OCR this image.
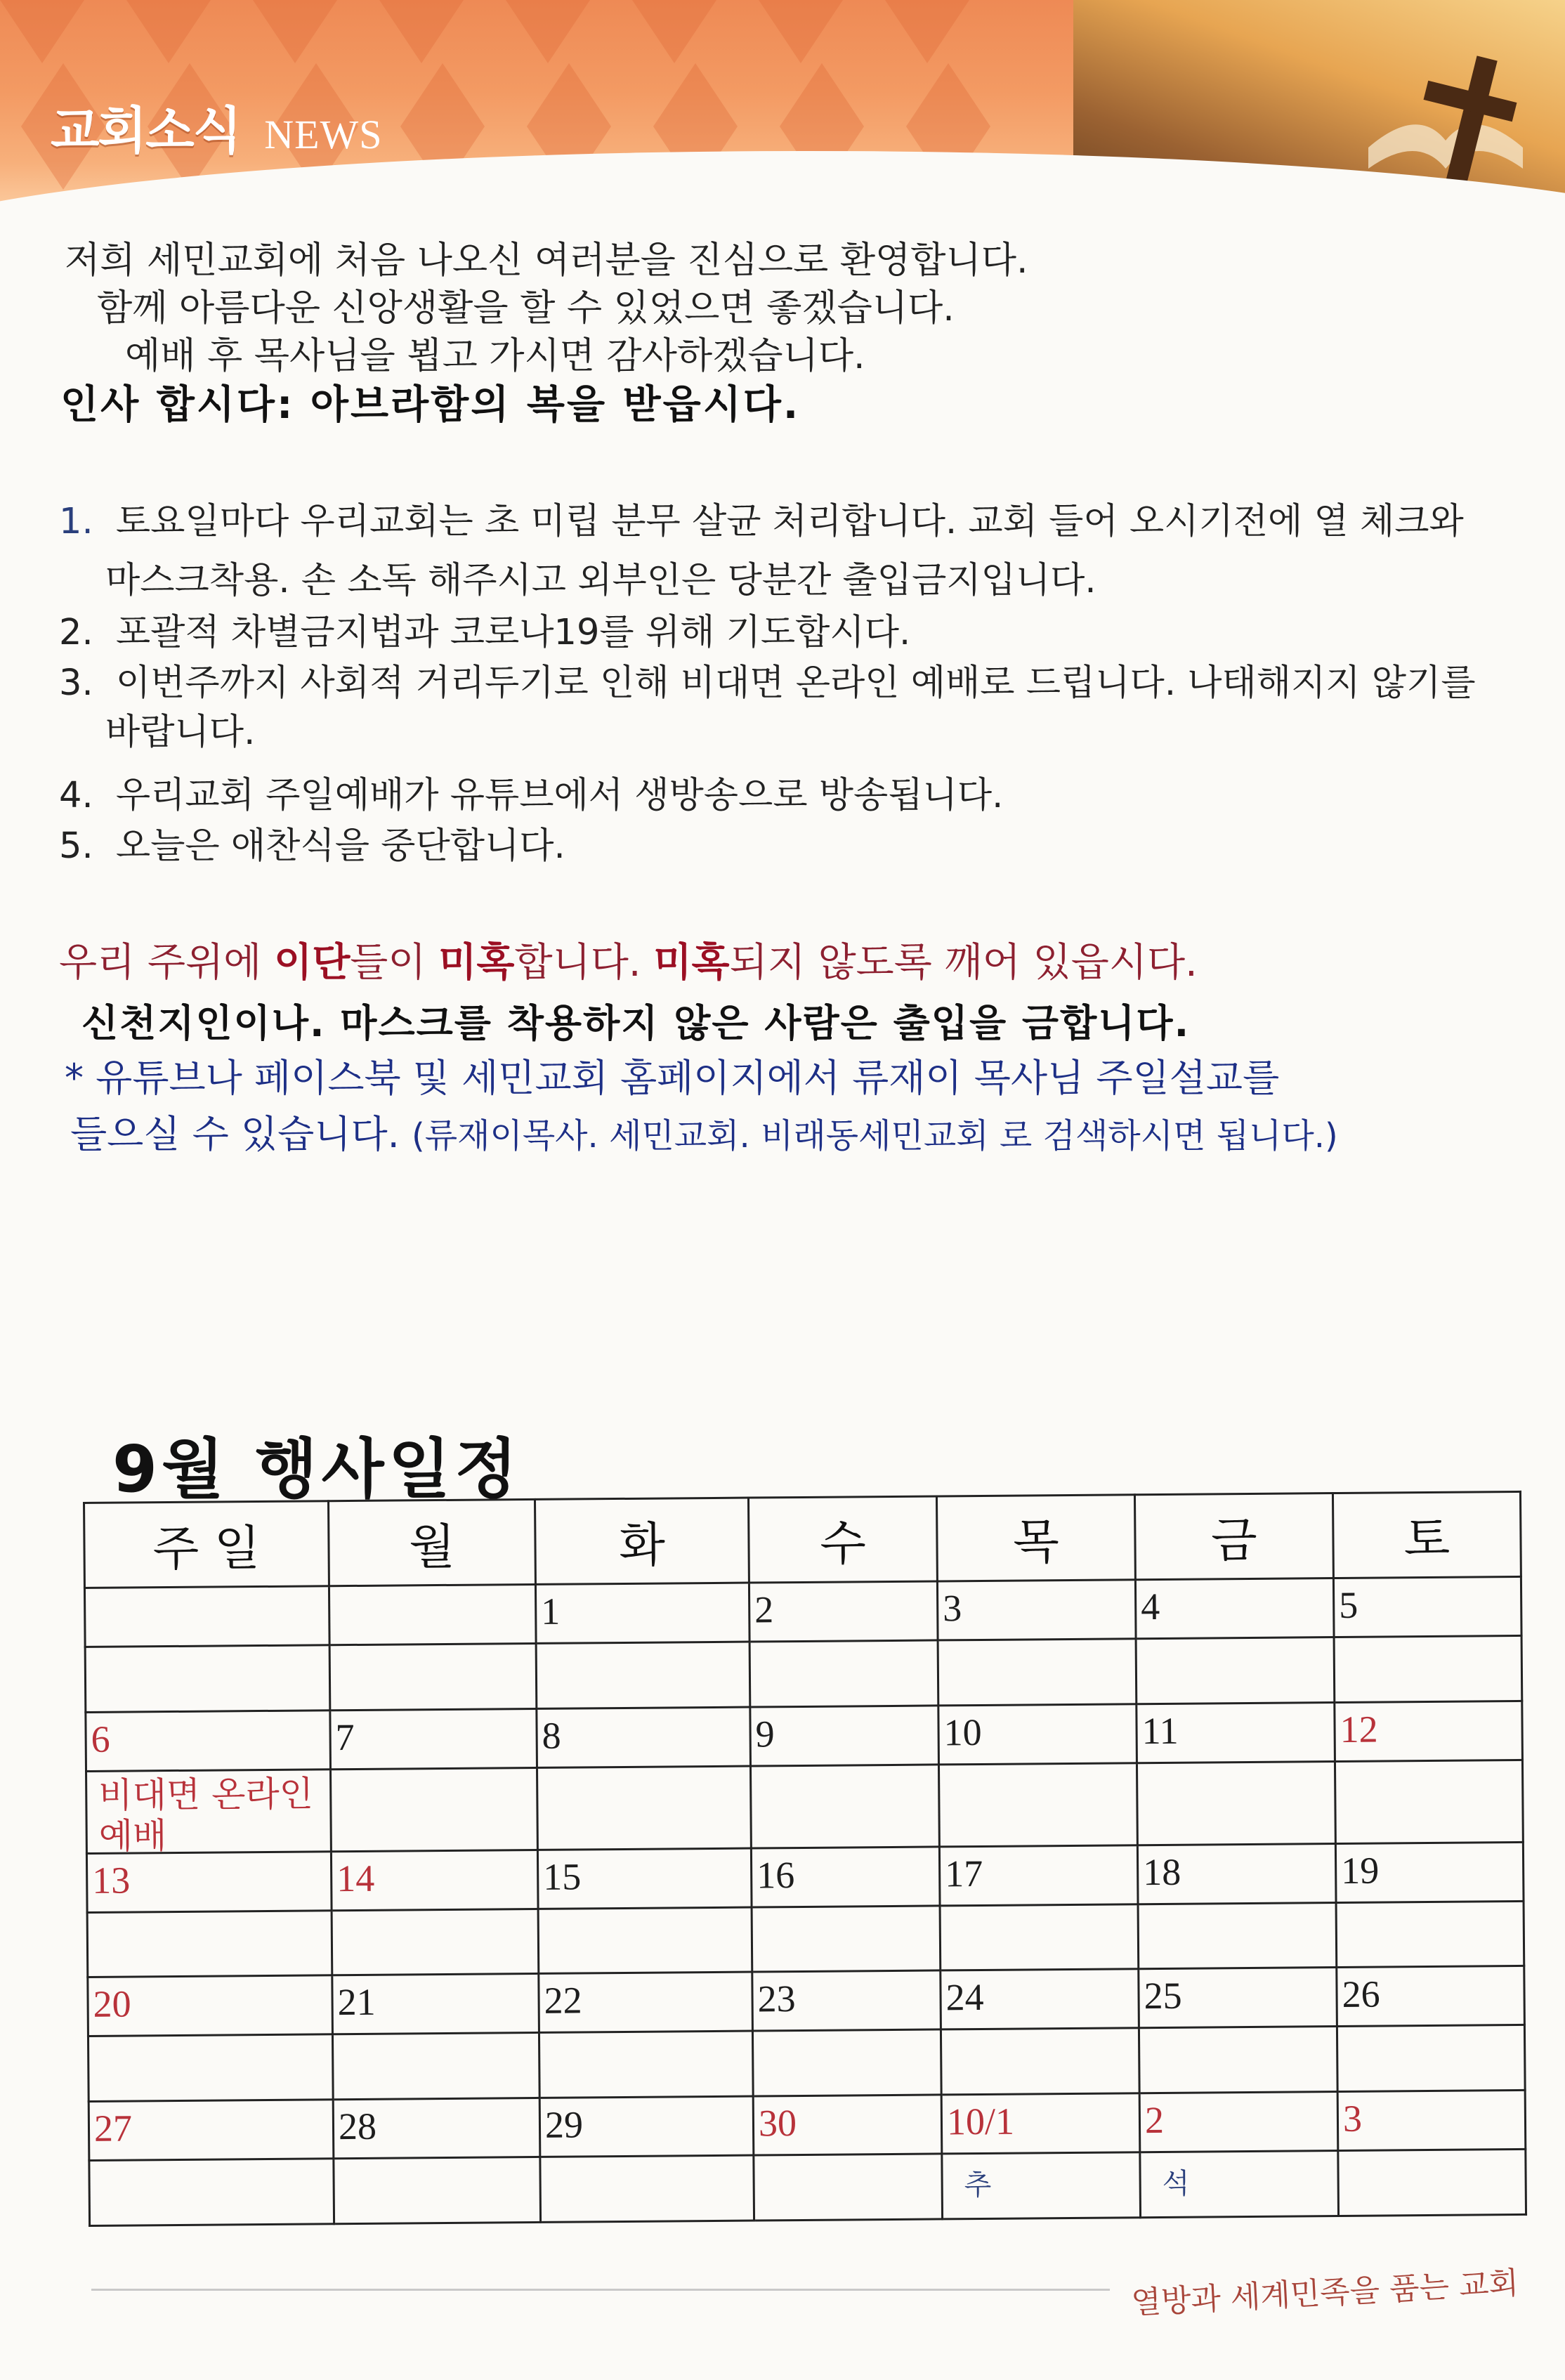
교회소식 NEWS
저희 세민교회에 처음 나오신 여러분을 진심으로 환영합니다.
함께 아름다운 신앙생활을 할 수 있었으면 좋겠습니다.
예배 후 목사님을 뵙고 가시면 감사하겠습니다.
인사 합시다: 아브라함의 복을 받읍시다.
1. 토요일마다 우리교회는 초 미립 분무 살균 처리합니다. 교회 들어 오시기전에 열 체크와
마스크착용. 손 소독 해주시고 외부인은 당분간 출입금지입니다.
2. 포괄적 차별금지법과 코로나19를 위해 기도합시다.
3. 이번주까지 사회적 거리두기로 인해 비대면 온라인 예배로 드립니다. 나태해지지 않기를
바랍니다.
4. 우리교회 주일예배가 유튜브에서 생방송으로 방송됩니다.
5. 오늘은 애찬식을 중단합니다.
우리 주위에 이단들이 미혹합니다. 미혹되지 않도록 깨어 있읍시다.
신천지인이나. 마스크를 착용하지 않은 사람은 출입을 금합니다.
* 유튜브나 페이스북 및 세민교회 홈페이지에서 류재이 목사님 주일설교를
들으실 수 있습니다. (류재이목사. 세민교회. 비래동세민교회 로 검색하시면 됩니다.)
9월 행사일정
주 일	월	화	수	목	금	토
		1	2	3	4	5

6	7	8	9	10	11	12

비대면 온라인예배						

13	14	15	16	17	18	19

20	21	22	23	24	25	26

27	28	29	30	10/1	2	3

				추	석	

열방과 세계민족을 품는 교회
